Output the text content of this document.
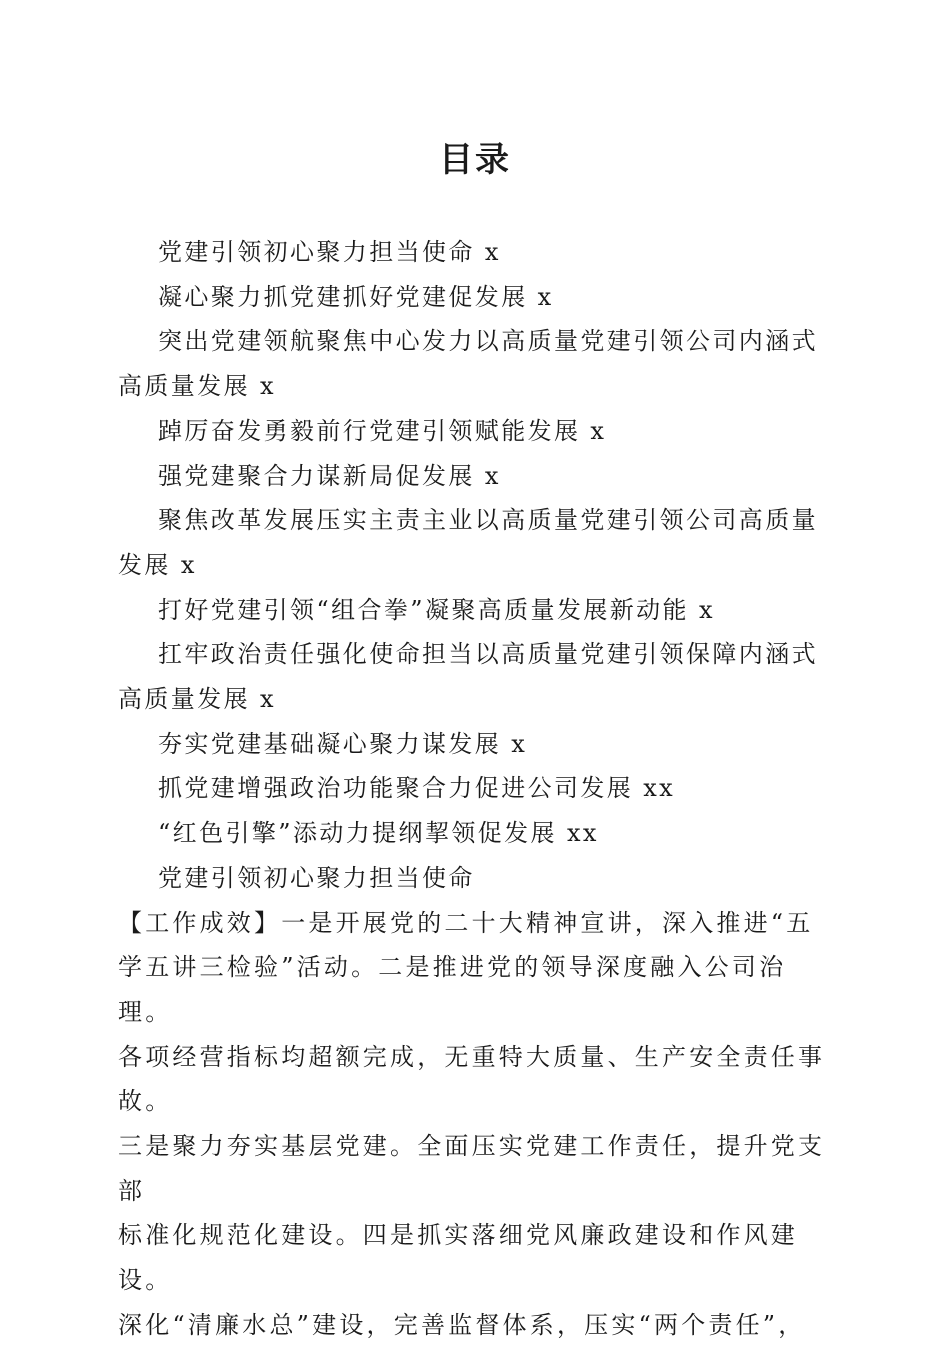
目录

党建引领初心聚力担当使命 x

凝心聚力抓党建抓好党建促发展 x

突出党建领航聚焦中心发力以高质量党建引领公司内涵式高质量发展 x

踔厉奋发勇毅前行党建引领赋能发展 x

强党建聚合力谋新局促发展 x

聚焦改革发展压实主责主业以高质量党建引领公司高质量发展 x

打好党建引领“组合拳”凝聚高质量发展新动能 x

扛牢政治责任强化使命担当以高质量党建引领保障内涵式高质量发展 x

夯实党建基础凝心聚力谋发展 x

抓党建增强政治功能聚合力促进公司发展 xx

“红色引擎”添动力提纲挈领促发展 xx

党建引领初心聚力担当使命

【工作成效】一是开展党的二十大精神宣讲，深入推进“五

学五讲三检验”活动。二是推进党的领导深度融入公司治理。

各项经营指标均超额完成，无重特大质量、生产安全责任事故。

三是聚力夯实基层党建。全面压实党建工作责任，提升党支部

标准化规范化建设。四是抓实落细党风廉政建设和作风建设。

深化“清廉水总”建设，完善监督体系，压实“两个责任”，
